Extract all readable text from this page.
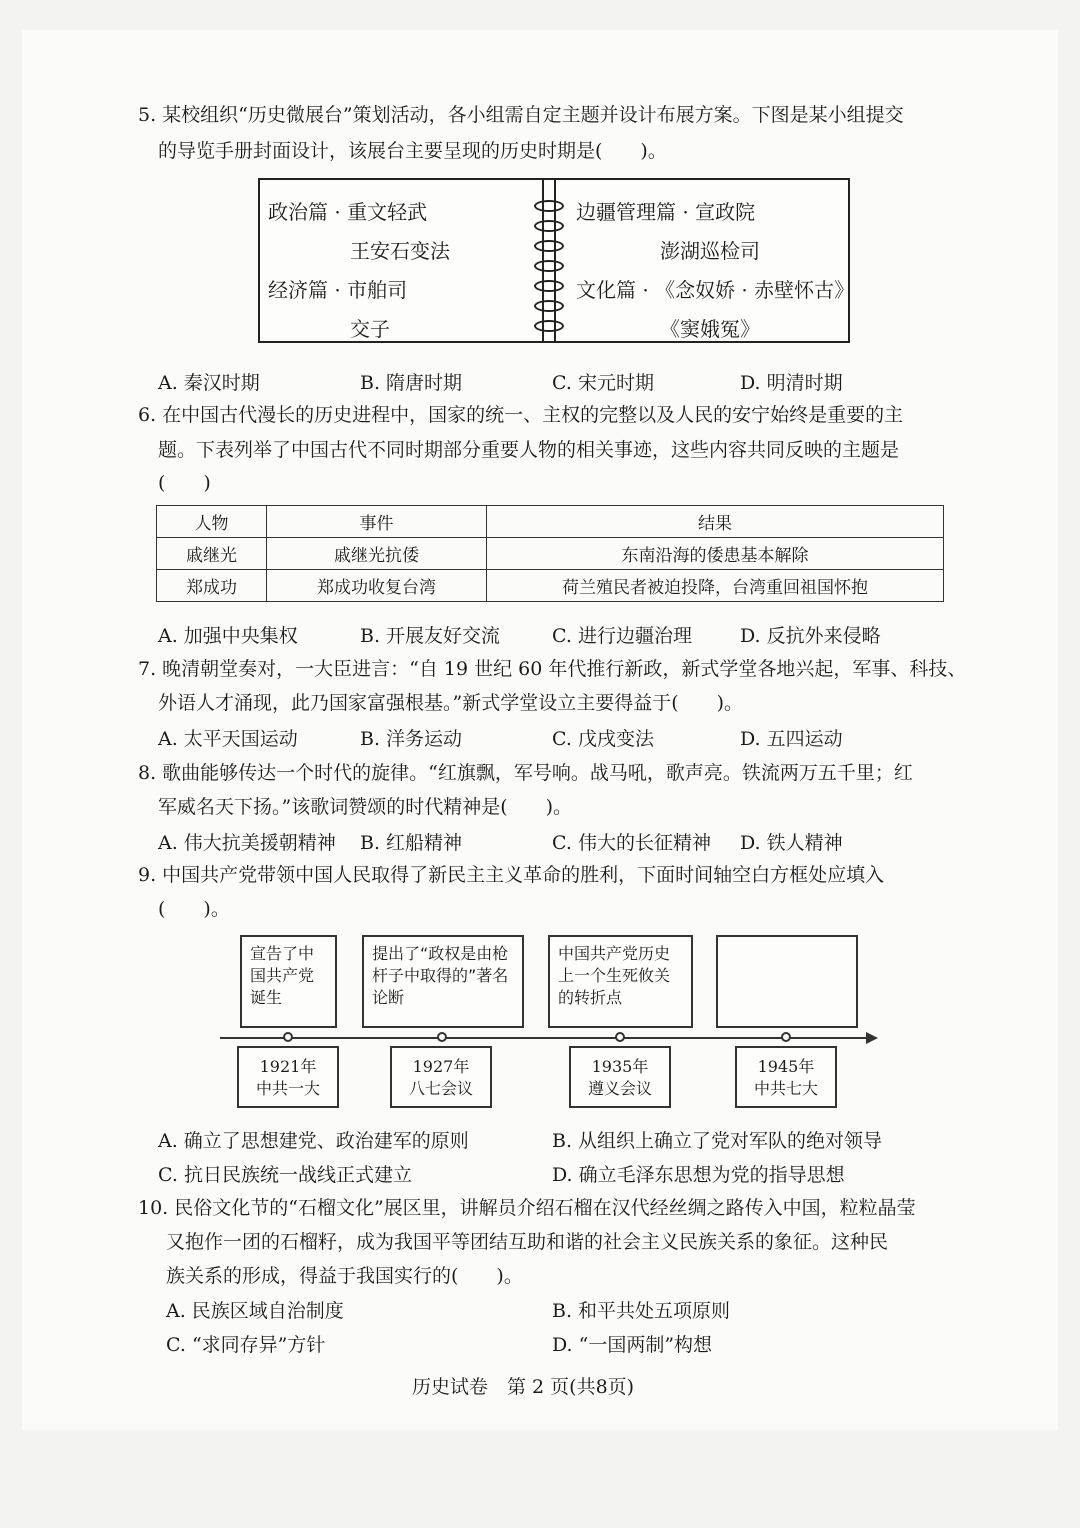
5. 某校组织“历史微展台”策划活动，各小组需自定主题并设计布展方案。下图是某小组提交
的导览手册封面设计，该展台主要呈现的历史时期是(　　)。
政治篇 · 重文轻武
王安石变法
经济篇 · 市舶司
交子
边疆管理篇 · 宣政院
澎湖巡检司
文化篇 · 《念奴娇 · 赤壁怀古》
《窦娥冤》
A. 秦汉时期	B. 隋唐时期	C. 宋元时期	D. 明清时期
6. 在中国古代漫长的历史进程中，国家的统一、主权的完整以及人民的安宁始终是重要的主
题。下表列举了中国古代不同时期部分重要人物的相关事迹，这些内容共同反映的主题是
(　　)
人物	事件	结果
戚继光	戚继光抗倭	东南沿海的倭患基本解除
郑成功	郑成功收复台湾	荷兰殖民者被迫投降，台湾重回祖国怀抱
A. 加强中央集权	B. 开展友好交流	C. 进行边疆治理	D. 反抗外来侵略
7. 晚清朝堂奏对，一大臣进言：“自 19 世纪 60 年代推行新政，新式学堂各地兴起，军事、科技、
外语人才涌现，此乃国家富强根基。”新式学堂设立主要得益于(　　)。
A. 太平天国运动	B. 洋务运动	C. 戊戌变法	D. 五四运动
8. 歌曲能够传达一个时代的旋律。“红旗飘，军号响。战马吼，歌声亮。铁流两万五千里；红
军威名天下扬。”该歌词赞颂的时代精神是(　　)。
A. 伟大抗美援朝精神 B. 红船精神	C. 伟大的长征精神 D. 铁人精神
9. 中国共产党带领中国人民取得了新民主主义革命的胜利，下面时间轴空白方框处应填入
(　　)。
宣告了中国共产党诞生
提出了“政权是由枪杆子中取得的”著名论断
中国共产党历史上一个生死攸关的转折点
1921年
中共一大
1927年
八七会议
1935年
遵义会议
1945年
中共七大
A. 确立了思想建党、政治建军的原则	B. 从组织上确立了党对军队的绝对领导
C. 抗日民族统一战线正式建立	D. 确立毛泽东思想为党的指导思想
10. 民俗文化节的“石榴文化”展区里，讲解员介绍石榴在汉代经丝绸之路传入中国，粒粒晶莹
又抱作一团的石榴籽，成为我国平等团结互助和谐的社会主义民族关系的象征。这种民
族关系的形成，得益于我国实行的(　　)。
A. 民族区域自治制度	B. 和平共处五项原则
C. “求同存异”方针	D. “一国两制”构想
历史试卷　第 2 页(共8页)
